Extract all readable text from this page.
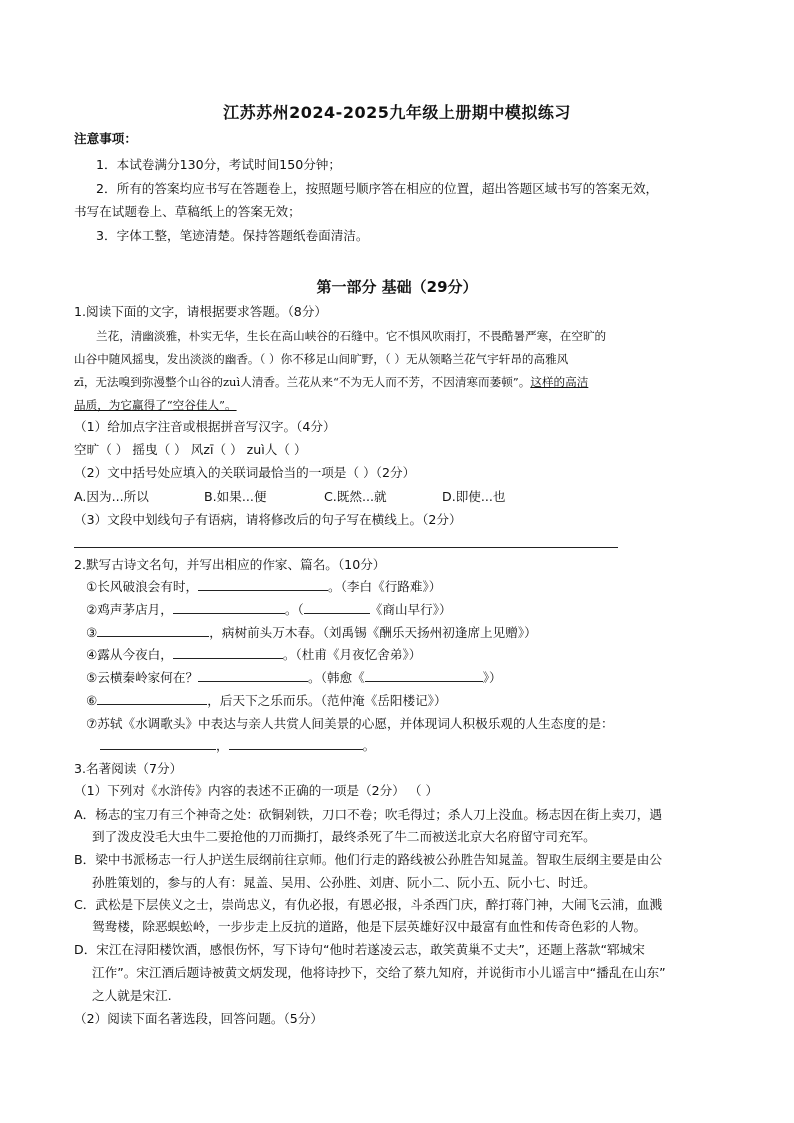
江苏苏州2024-2025九年级上册期中模拟练习
注意事项：
1．本试卷满分130分，考试时间150分钟；
2．所有的答案均应书写在答题卷上，按照题号顺序答在相应的位置，超出答题区域书写的答案无效，
书写在试题卷上、草稿纸上的答案无效；
3．字体工整，笔迹清楚。保持答题纸卷面清洁。
第一部分 基础（29分）
1.阅读下面的文字，请根据要求答题。（8分）
兰花，清幽淡雅，朴实无华，生长在高山峡谷的石缝中。它不惧风吹雨打，不畏酷暑严寒，在空旷的
山谷中随风摇曳，发出淡淡的幽香。（ ）你不移足山间旷野，（ ）无从领略兰花气宇轩昂的高雅风
zī，无法嗅到弥漫整个山谷的zuì人清香。兰花从来“不为无人而不芳，不因清寒而萎顿”。这样的高洁
品质，为它赢得了“空谷佳人”。
（1）给加点字注音或根据拼音写汉字。（4分）
空旷（ ） 摇曳（ ） 风zī（ ） zuì人（ ）
（2）文中括号处应填入的关联词最恰当的一项是（ ）（2分）
A.因为...所以	B.如果...便	C.既然...就	D.即使...也
（3）文段中划线句子有语病，请将修改后的句子写在横线上。（2分）
2.默写古诗文名句，并写出相应的作家、篇名。（10分）
①长风破浪会有时，	。（李白《行路难》）
②鸡声茅店月，	。（	《商山早行》）
③	，病树前头万木春。（刘禹锡《酬乐天扬州初逢席上见赠》）
④露从今夜白，	。（杜甫《月夜忆舍弟》）
⑤云横秦岭家何在？	。（韩愈《	》）
⑥	，后天下之乐而乐。（范仲淹《岳阳楼记》）
⑦苏轼《水调歌头》中表达与亲人共赏人间美景的心愿，并体现词人积极乐观的人生态度的是：
，	。
3.名著阅读（7分）
（1）下列对《水浒传》内容的表述不正确的一项是（2分） （ ）
A．杨志的宝刀有三个神奇之处：砍铜剁铁，刀口不卷；吹毛得过；杀人刀上没血。杨志因在街上卖刀，遇
到了泼皮没毛大虫牛二要抢他的刀而撕打，最终杀死了牛二而被送北京大名府留守司充军。
B．梁中书派杨志一行人护送生辰纲前往京师。他们行走的路线被公孙胜告知晁盖。智取生辰纲主要是由公
孙胜策划的，参与的人有：晁盖、吴用、公孙胜、刘唐、阮小二、阮小五、阮小七、时迁。
C．武松是下层侠义之士，崇尚忠义，有仇必报，有恩必报，斗杀西门庆，醉打蒋门神，大闹飞云浦，血溅
鸳鸯楼，除恶蜈蚣岭，一步步走上反抗的道路，他是下层英雄好汉中最富有血性和传奇色彩的人物。
D．宋江在浔阳楼饮酒，感恨伤怀，写下诗句“他时若遂凌云志，敢笑黄巢不丈夫”，还题上落款“郓城宋
江作”。宋江酒后题诗被黄文炳发现，他将诗抄下，交给了蔡九知府，并说街市小儿谣言中“播乱在山东”
之人就是宋江.
（2）阅读下面名著选段，回答问题。（5分）
